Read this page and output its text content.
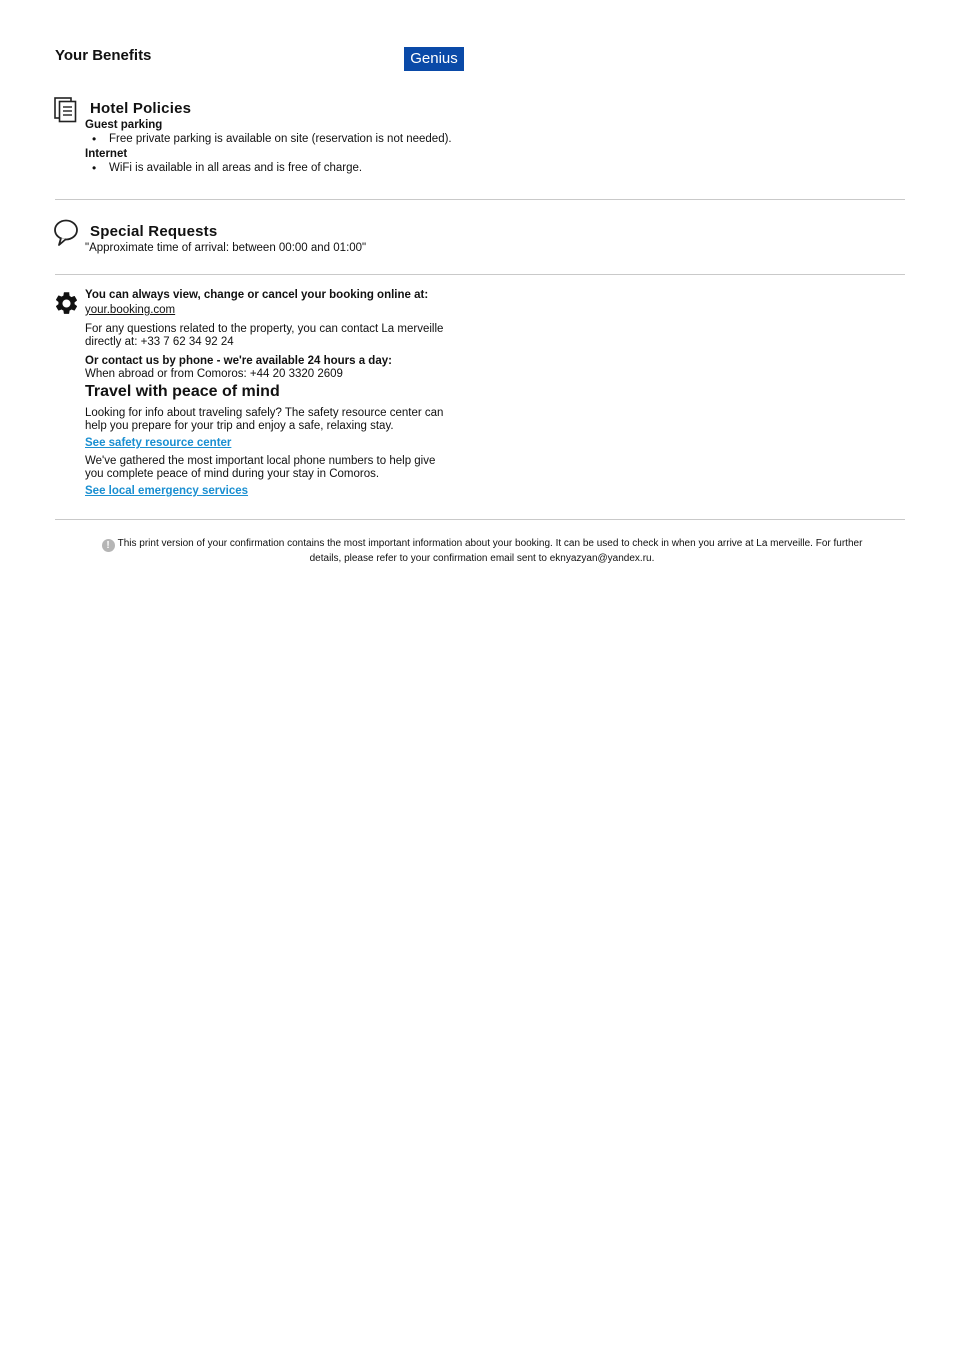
Your Benefits	Genius
Hotel Policies
Guest parking
• Free private parking is available on site (reservation is not needed).
Internet
• WiFi is available in all areas and is free of charge.
Special Requests
"Approximate time of arrival: between 00:00 and 01:00"
You can always view, change or cancel your booking online at:
your.booking.com
For any questions related to the property, you can contact La merveille
directly at: +33 7 62 34 92 24
Or contact us by phone - we're available 24 hours a day:
When abroad or from Comoros: +44 20 3320 2609
Travel with peace of mind
Looking for info about traveling safely? The safety resource center can
help you prepare for your trip and enjoy a safe, relaxing stay.
See safety resource center
We've gathered the most important local phone numbers to help give
you complete peace of mind during your stay in Comoros.
See local emergency services
! This print version of your confirmation contains the most important information about your booking. It can be used to check in when you arrive at La merveille. For further
details, please refer to your confirmation email sent to eknyazyan@yandex.ru.
